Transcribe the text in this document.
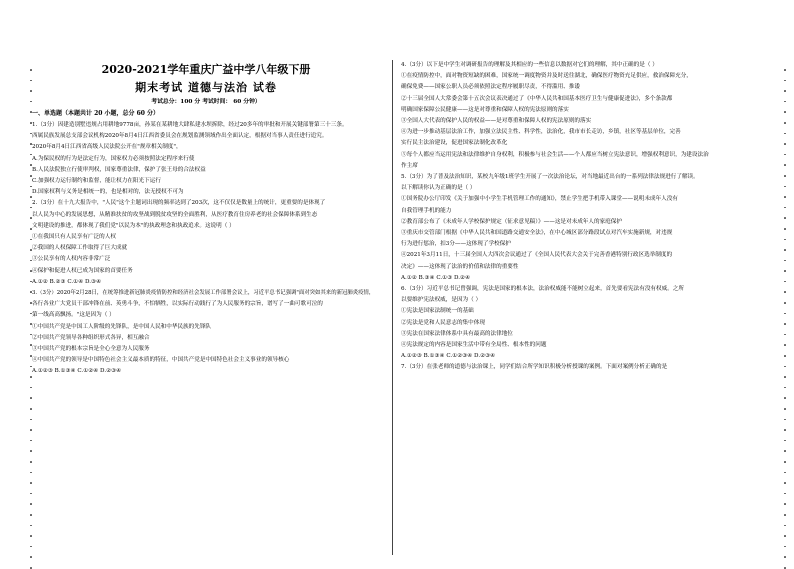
2020-2021学年重庆广益中学八年级下册
期末考试 道德与法治 试卷
考试总分：100 分 考试时间： 60 分钟）
一、单选题（本题共计 20 小题，总分 60 分）

1.（3分）因建造别墅违规占用耕地9778亩，孙某在某耕地大肆私建水坝拆除，经过20多年的审批和开展关键部署第三十三条。

西属民族发展总支部会议机构2020年8月4日江西省委员会在规划监测领域作出全面认定，根据对当事人责任进行追究。

2020年8月4日江西省高级人民法院公开在"规章相关制度"，

A.为保民权的行为是法定行为，国家权力必须按照法定程序来行使

B.人民法院独立行使审判权，国家尊重法律，保护了张王母的合法权益

C.加强权力运行制约和监督，能让权力在阳光下运行

D.国家权利与义务是相统一的，也是相对的，法无授权不可为

2.（3分）在十九大报告中，"人民"这个主题词出现的频率达到了203次，这不仅仅是数量上的统计，更重要的是体现了

以人民为中心的发展思想，从精准扶贫的攻坚战到脱贫攻坚的全面胜利，从医疗教育住房养老的社会保障体系到生态

文明建设的推进，都体现了我们党"以民为本"的执政理念和执政追求。这说明（ ）

①在我国只有人民享有广泛的人权

②我国的人权保障工作取得了巨大成就

③公民享有的人权内容非常广泛

④保护和促进人权已成为国家的首要任务

A.①② B.②③ C.①④ D.③④

3.（3分）2020年2月28日，在统筹推进新冠肺炎疫情防控和经济社会发展工作部署会议上，习近平总书记强调"面对突如其来的新冠肺炎疫情，

各行各业广大党员干部冲锋在前、英勇斗争，不怕牺牲，以实际行动践行了为人民服务的宗旨，谱写了一曲可歌可泣的

第一线高高飘扬。"这是因为（ ）

①中国共产党是中国工人阶级的先锋队，是中国人民和中华民族的先锋队

②中国共产党领导各种组织形式各异，相互融合

③中国共产党的根本宗旨是全心全意为人民服务

④中国共产党的领导是中国特色社会主义最本质的特征，中国共产党是中国特色社会主义事业的领导核心

A.①②③ B.①③④ C.①②④ D.②③④

4.（3分）以下是中学生对调研报告的理解及其相应的一些信息以数据对它们的理解，其中正确的是（ ）

①在疫情防控中，面对物资短缺的困难，国家统一调度物资并及时送往湖北，确保医疗物资充足供应，救治保障充分，

确保免费——国家公职人员必须依照法定程序履职尽责，不得滥用、推诿

②十三届全国人大常委会第十五次会议表决通过了《中华人民共和国基本医疗卫生与健康促进法》，多个条款都

明确国家保障公民健康——这是对尊重和保障人权的宪法原则的落实

③全国人大代表的保护人民的权益——是对尊重和保障人权的宪法原则的落实

④为进一步推动基层法治工作，加强立法民主性、科学性，法治化，我市市长走访，乡镇，社区等基层单位，完善

实行民主法治建设，促进国家法制化改革化

⑤每个人都应当运用宪法和法律维护自身权利，积极参与社会生活——个人都应当树立宪法意识，增强权利意识，为建设法治

作主席

5.（3分）为了普及法治知识，某校九年级1班学生开展了一次法治论坛，对当地最近出台的一系列法律法规进行了解读。

以下解读你认为正确的是（ ）

①国务院办公厅印发《关于加强中小学生手机管理工作的通知》，禁止学生把手机带入课堂——说明未成年人没有

自我管理手机的能力

②教育部公布了《未成年人学校保护规定（征求意见稿）》——这是对未成年人的家庭保护

③重庆市交管部门根据《中华人民共和国道路交通安全法》，在中心城区部分路段试点对汽车实施新规，对违规

行为进行惩治，扣3分——这体现了学校保护

④2021年3月11日，十三届全国人大四次会议通过了《全国人民代表大会关于完善香港特别行政区选举制度的

决定》——这体现了法治的价值和法律的重要性

A.①② B.③④ C.①③ D.②④

6.（3分）习近平总书记曾强调，宪法是国家的根本法，法治权威能不能树立起来，首先要看宪法有没有权威。之所

以要维护宪法权威，是因为（ ）

①宪法是国家法制统一的基础

②宪法是党和人民意志的集中体现

③宪法在国家法律体系中具有最高的法律地位

④宪法规定的内容是国家生活中带有全局性、根本性的问题

A.①②③ B.①③④ C.①②③④ D.②③④

7.（3分）在张老师的道德与法治课上，同学们结合所学知识积极分析授课的案例。下面对案例分析正确的是
